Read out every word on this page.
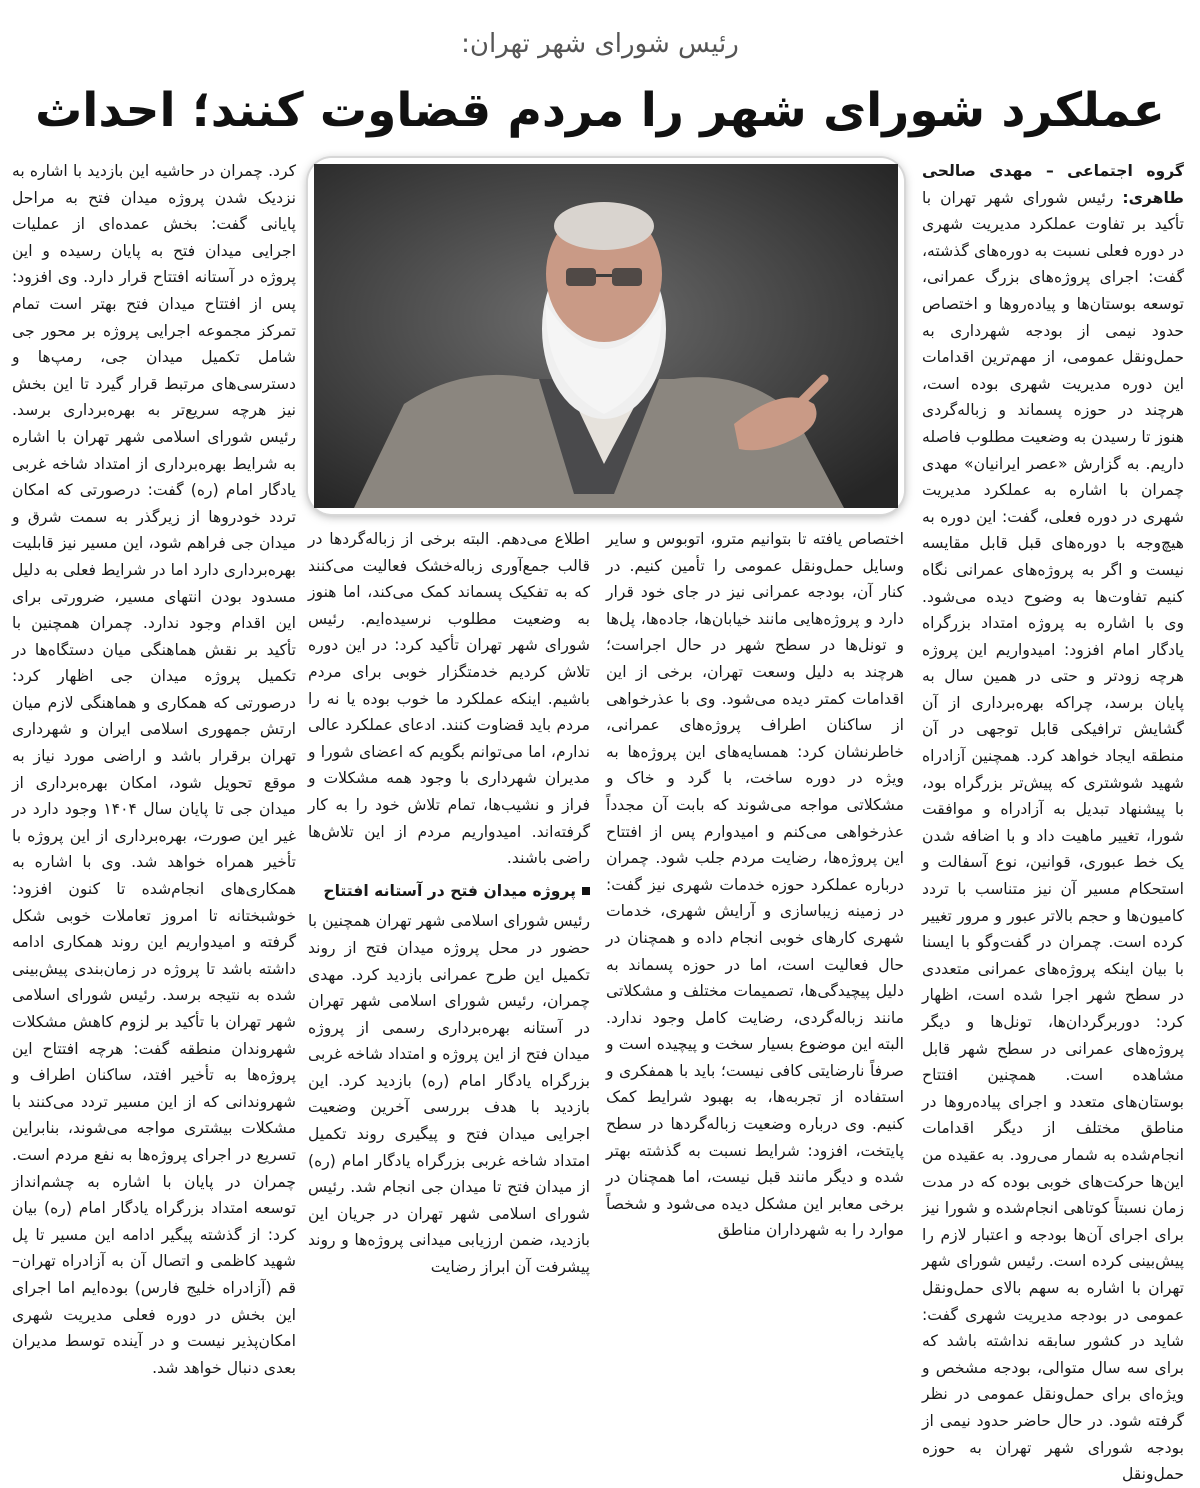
رئیس شورای شهر تهران:
عملکرد شورای شهر را مردم قضاوت کنند؛ احداث

گروه اجتماعی – مهدی صالحی طاهری: رئیس شورای شهر تهران با تأکید بر تفاوت عملکرد مدیریت شهری در دوره فعلی نسبت به دوره‌های گذشته، گفت: اجرای پروژه‌های بزرگ عمرانی، توسعه بوستان‌ها و پیاده‌روها و اختصاص حدود نیمی از بودجه شهرداری به حمل‌ونقل عمومی، از مهم‌ترین اقدامات این دوره مدیریت شهری بوده است، هرچند در حوزه پسماند و زباله‌گردی هنوز تا رسیدن به وضعیت مطلوب فاصله داریم. به گزارش «عصر ایرانیان» مهدی چمران با اشاره به عملکرد مدیریت شهری در دوره فعلی، گفت: این دوره به هیچ‌وجه با دوره‌های قبل قابل مقایسه نیست و اگر به پروژه‌های عمرانی نگاه کنیم تفاوت‌ها به وضوح دیده می‌شود. وی با اشاره به پروژه امتداد بزرگراه یادگار امام افزود: امیدواریم این پروژه هرچه زودتر و حتی در همین سال به پایان برسد، چراکه بهره‌برداری از آن گشایش ترافیکی قابل توجهی در آن منطقه ایجاد خواهد کرد. همچنین آزادراه شهید شوشتری که پیش‌تر بزرگراه بود، با پیشنهاد تبدیل به آزادراه و موافقت شورا، تغییر ماهیت داد و با اضافه شدن یک خط عبوری، قوانین، نوع آسفالت و استحکام مسیر آن نیز متناسب با تردد کامیون‌ها و حجم بالاتر عبور و مرور تغییر کرده است. چمران در گفت‌وگو با ایسنا با بیان اینکه پروژه‌های عمرانی متعددی در سطح شهر اجرا شده است، اظهار کرد: دوربرگردان‌ها، تونل‌ها و دیگر پروژه‌های عمرانی در سطح شهر قابل مشاهده است. همچنین افتتاح بوستان‌های متعدد و اجرای پیاده‌روها در مناطق مختلف از دیگر اقدامات انجام‌شده به شمار می‌رود. به عقیده من این‌ها حرکت‌های خوبی بوده که در مدت زمان نسبتاً کوتاهی انجام‌شده و شورا نیز برای اجرای آن‌ها بودجه و اعتبار لازم را پیش‌بینی کرده است. رئیس شورای شهر تهران با اشاره به سهم بالای حمل‌ونقل عمومی در بودجه مدیریت شهری گفت: شاید در کشور سابقه نداشته باشد که برای سه سال متوالی، بودجه مشخص و ویژه‌ای برای حمل‌ونقل عمومی در نظر گرفته شود. در حال حاضر حدود نیمی از بودجه شورای شهر تهران به حوزه حمل‌ونقل

اختصاص یافته تا بتوانیم مترو، اتوبوس و سایر وسایل حمل‌ونقل عمومی را تأمین کنیم. در کنار آن، بودجه عمرانی نیز در جای خود قرار دارد و پروژه‌هایی مانند خیابان‌ها، جاده‌ها، پل‌ها و تونل‌ها در سطح شهر در حال اجراست؛ هرچند به دلیل وسعت تهران، برخی از این اقدامات کمتر دیده می‌شود. وی با عذرخواهی از ساکنان اطراف پروژه‌های عمرانی، خاطرنشان کرد: همسایه‌های این پروژه‌ها به ویژه در دوره ساخت، با گرد و خاک و مشکلاتی مواجه می‌شوند که بابت آن مجدداً عذرخواهی می‌کنم و امیدوارم پس از افتتاح این پروژه‌ها، رضایت مردم جلب شود. چمران درباره عملکرد حوزه خدمات شهری نیز گفت: در زمینه زیباسازی و آرایش شهری، خدمات شهری کارهای خوبی انجام داده و همچنان در حال فعالیت است، اما در حوزه پسماند به دلیل پیچیدگی‌ها، تصمیمات مختلف و مشکلاتی مانند زباله‌گردی، رضایت کامل وجود ندارد. البته این موضوع بسیار سخت و پیچیده است و صرفاً نارضایتی کافی نیست؛ باید با همفکری و استفاده از تجربه‌ها، به بهبود شرایط کمک کنیم. وی درباره وضعیت زباله‌گردها در سطح پایتخت، افزود: شرایط نسبت به گذشته بهتر شده و دیگر مانند قبل نیست، اما همچنان در برخی معابر این مشکل دیده می‌شود و شخصاً موارد را به شهرداران مناطق

اطلاع می‌دهم. البته برخی از زباله‌گردها در قالب جمع‌آوری زباله‌خشک فعالیت می‌کنند که به تفکیک پسماند کمک می‌کند، اما هنوز به وضعیت مطلوب نرسیده‌ایم. رئیس شورای شهر تهران تأکید کرد: در این دوره تلاش کردیم خدمتگزار خوبی برای مردم باشیم. اینکه عملکرد ما خوب بوده یا نه را مردم باید قضاوت کنند. ادعای عملکرد عالی ندارم، اما می‌توانم بگویم که اعضای شورا و مدیران شهرداری با وجود همه مشکلات و فراز و نشیب‌ها، تمام تلاش خود را به کار گرفته‌اند. امیدواریم مردم از این تلاش‌ها راضی باشند.

پروژه میدان فتح در آستانه افتتاح

رئیس شورای اسلامی شهر تهران همچنین با حضور در محل پروژه میدان فتح از روند تکمیل این طرح عمرانی بازدید کرد. مهدی چمران، رئیس شورای اسلامی شهر تهران در آستانه بهره‌برداری رسمی از پروژه میدان فتح از این پروژه و امتداد شاخه غربی بزرگراه یادگار امام (ره) بازدید کرد. این بازدید با هدف بررسی آخرین وضعیت اجرایی میدان فتح و پیگیری روند تکمیل امتداد شاخه غربی بزرگراه یادگار امام (ره) از میدان فتح تا میدان جی انجام شد. رئیس شورای اسلامی شهر تهران در جریان این بازدید، ضمن ارزیابی میدانی پروژه‌ها و روند پیشرفت آن ابراز رضایت

کرد. چمران در حاشیه این بازدید با اشاره به نزدیک شدن پروژه میدان فتح به مراحل پایانی گفت: بخش عمده‌ای از عملیات اجرایی میدان فتح به پایان رسیده و این پروژه در آستانه افتتاح قرار دارد. وی افزود: پس از افتتاح میدان فتح بهتر است تمام تمرکز مجموعه اجرایی پروژه بر محور جی شامل تکمیل میدان جی، رمپ‌ها و دسترسی‌های مرتبط قرار گیرد تا این بخش نیز هرچه سریع‌تر به بهره‌برداری برسد. رئیس شورای اسلامی شهر تهران با اشاره به شرایط بهره‌برداری از امتداد شاخه غربی یادگار امام (ره) گفت: درصورتی که امکان تردد خودروها از زیرگذر به سمت شرق و میدان جی فراهم شود، این مسیر نیز قابلیت بهره‌برداری دارد اما در شرایط فعلی به دلیل مسدود بودن انتهای مسیر، ضرورتی برای این اقدام وجود ندارد. چمران همچنین با تأکید بر نقش هماهنگی میان دستگاه‌ها در تکمیل پروژه میدان جی اظهار کرد: درصورتی که همکاری و هماهنگی لازم میان ارتش جمهوری اسلامی ایران و شهرداری تهران برقرار باشد و اراضی مورد نیاز به موقع تحویل شود، امکان بهره‌برداری از میدان جی تا پایان سال ۱۴۰۴ وجود دارد در غیر این صورت، بهره‌برداری از این پروژه با تأخیر همراه خواهد شد. وی با اشاره به همکاری‌های انجام‌شده تا کنون افزود: خوشبختانه تا امروز تعاملات خوبی شکل گرفته و امیدواریم این روند همکاری ادامه داشته باشد تا پروژه در زمان‌بندی پیش‌بینی شده به نتیجه برسد. رئیس شورای اسلامی شهر تهران با تأکید بر لزوم کاهش مشکلات شهروندان منطقه گفت: هرچه افتتاح این پروژه‌ها به تأخیر افتد، ساکنان اطراف و شهروندانی که از این مسیر تردد می‌کنند با مشکلات بیشتری مواجه می‌شوند، بنابراین تسریع در اجرای پروژه‌ها به نفع مردم است. چمران در پایان با اشاره به چشم‌انداز توسعه امتداد بزرگراه یادگار امام (ره) بیان کرد: از گذشته پیگیر ادامه این مسیر تا پل شهید کاظمی و اتصال آن به آزادراه تهران–قم (آزادراه خلیج فارس) بوده‌ایم اما اجرای این بخش در دوره فعلی مدیریت شهری امکان‌پذیر نیست و در آینده توسط مدیران بعدی دنبال خواهد شد.
